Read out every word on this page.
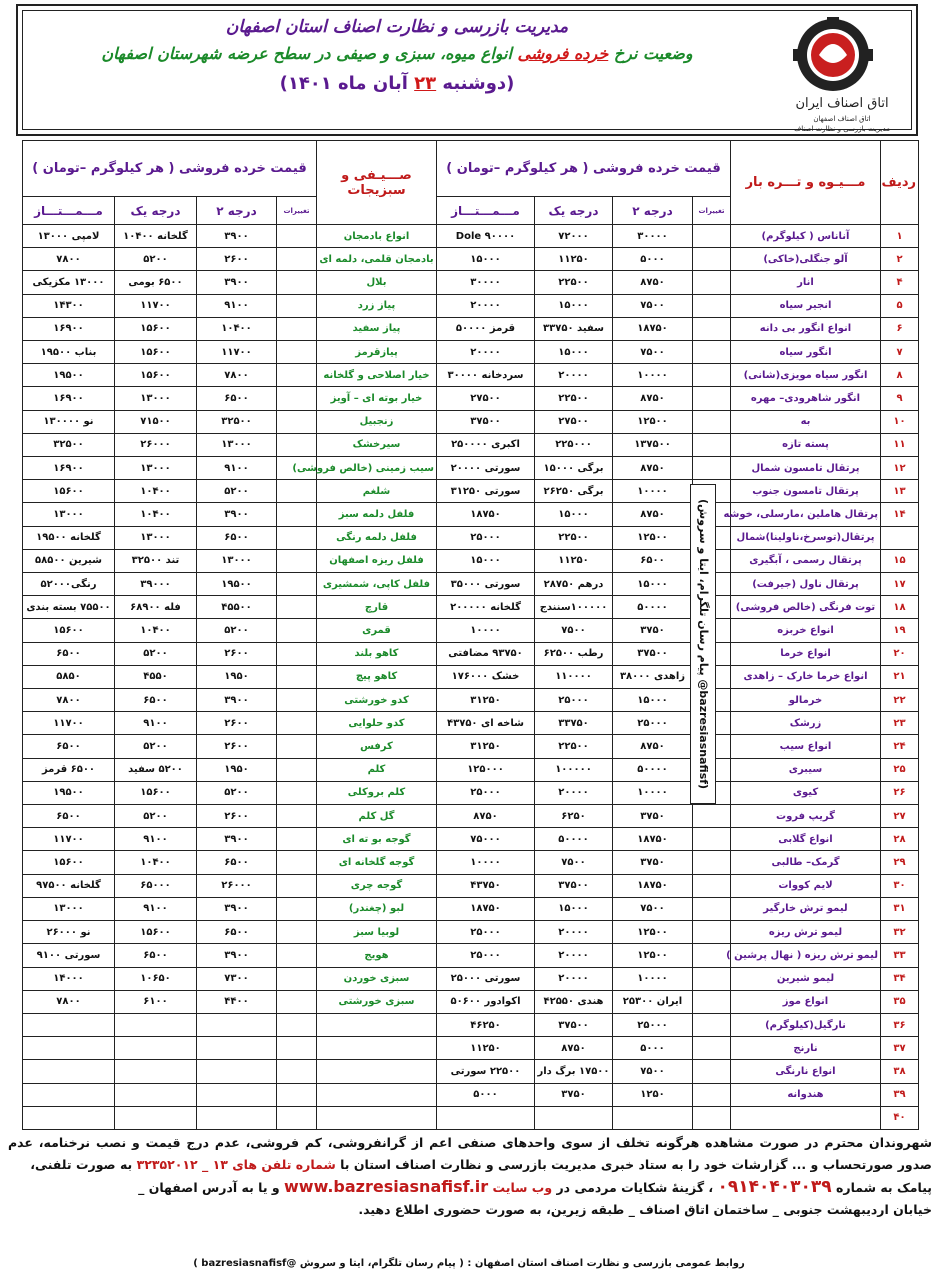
اتاق اصناف ایران
اتاق اصناف اصفهان
مدیریت بازرسی و نظارت اصناف
مدیریت بازرسی و نظارت اصناف استان اصفهان
وضعیت نرخ خرده فروشی انواع میوه، سبزی و صیفی در سطح عرضه شهرستان اصفهان
(دوشنبه ۲۳ آبان ماه ۱۴۰۱)
ردیف	مـــیـوه و تـــره بار	قیمت خرده فروشی ( هر کیلوگرم –تومان )				صـــیـفی و سبزیجات	قیمت خرده فروشی ( هر کیلوگرم –تومان )			
		تغییرات	درجه ۲	درجه یک	مـــمـــتـــاز		تغییرات	درجه ۲	درجه یک	مـــمـــتـــاز
۱	آناناس ( کیلوگرم)		۳۰۰۰۰	۷۲۰۰۰	Dole ۹۰۰۰۰	انواع بادمجان		۳۹۰۰	گلخانه ۱۰۴۰۰	لامپی ۱۳۰۰۰
۲	آلو جنگلی(خاکی)		۵۰۰۰	۱۱۲۵۰	۱۵۰۰۰	بادمجان قلمی، دلمه ای		۲۶۰۰	۵۲۰۰	۷۸۰۰
۴	انار		۸۷۵۰	۲۲۵۰۰	۳۰۰۰۰	بلال		۳۹۰۰	۶۵۰۰ بومی	۱۳۰۰۰ مکزیکی
۵	انجیر سیاه		۷۵۰۰	۱۵۰۰۰	۲۰۰۰۰	پیاز زرد		۹۱۰۰	۱۱۷۰۰	۱۴۳۰۰
۶	انواع انگور بی دانه		۱۸۷۵۰	سفید ۳۳۷۵۰	قرمز ۵۰۰۰۰	پیاز سفید		۱۰۴۰۰	۱۵۶۰۰	۱۶۹۰۰
۷	انگور سیاه		۷۵۰۰	۱۵۰۰۰	۲۰۰۰۰	پیازقرمز		۱۱۷۰۰	۱۵۶۰۰	بناب ۱۹۵۰۰
۸	انگور سیاه مویزی(شانی)		۱۰۰۰۰	۲۰۰۰۰	سردخانه ۳۰۰۰۰	خیار اصلاحی و گلخانه		۷۸۰۰	۱۵۶۰۰	۱۹۵۰۰
۹	انگور شاهرودی– مهره		۸۷۵۰	۲۲۵۰۰	۲۷۵۰۰	خیار بوته ای – آویز		۶۵۰۰	۱۳۰۰۰	۱۶۹۰۰
۱۰	به		۱۲۵۰۰	۲۷۵۰۰	۳۷۵۰۰	زنجبیل		۳۲۵۰۰	۷۱۵۰۰	نو ۱۳۰۰۰۰
۱۱	پسته تازه		۱۳۷۵۰۰	۲۲۵۰۰۰	اکبری ۲۵۰۰۰۰	سیرخشک		۱۳۰۰۰	۲۶۰۰۰	۳۲۵۰۰
۱۲	پرتقال تامسون شمال		۸۷۵۰	برگی ۱۵۰۰۰	سورتی ۲۰۰۰۰	سیب زمینی (خالص فروشی)		۹۱۰۰	۱۳۰۰۰	۱۶۹۰۰
۱۳	پرتقال تامسون جنوب		۱۰۰۰۰	برگی ۲۶۲۵۰	سورتی ۳۱۲۵۰	شلغم		۵۲۰۰	۱۰۴۰۰	۱۵۶۰۰
۱۴	پرتقال هاملین ،مارسلی، خوشه		۸۷۵۰	۱۵۰۰۰	۱۸۷۵۰	فلفل دلمه سبز		۳۹۰۰	۱۰۴۰۰	۱۳۰۰۰
	پرتقال(توسرخ،ناولینا)شمال		۱۲۵۰۰	۲۲۵۰۰	۲۵۰۰۰	فلفل دلمه رنگی		۶۵۰۰	۱۳۰۰۰	گلخانه ۱۹۵۰۰
۱۵	پرتقال رسمی ، آبگیری		۶۵۰۰	۱۱۲۵۰	۱۵۰۰۰	فلفل ریزه اصفهان		۱۳۰۰۰	تند ۳۲۵۰۰	شیرین ۵۸۵۰۰
۱۷	پرتقال ناول (جیرفت)		۱۵۰۰۰	درهم ۲۸۷۵۰	سورتی ۳۵۰۰۰	فلفل کاپی، شمشیری		۱۹۵۰۰	۳۹۰۰۰	رنگی۵۲۰۰۰
۱۸	توت فرنگی (خالص فروشی)		۵۰۰۰۰	۱۰۰۰۰۰سنندج	گلخانه ۲۰۰۰۰۰	قارچ		۴۵۵۰۰	فله ۶۸۹۰۰	۷۵۵۰۰ بسته بندی
۱۹	انواع خربزه		۳۷۵۰	۷۵۰۰	۱۰۰۰۰	قمری		۵۲۰۰	۱۰۴۰۰	۱۵۶۰۰
۲۰	انواع خرما		۳۷۵۰۰	رطب ۶۲۵۰۰	۹۳۷۵۰ مضافتی	کاهو بلند		۲۶۰۰	۵۲۰۰	۶۵۰۰
۲۱	انواع خرما خارک – زاهدی		زاهدی ۳۸۰۰۰	۱۱۰۰۰۰	خشک ۱۷۶۰۰۰	کاهو پیچ		۱۹۵۰	۴۵۵۰	۵۸۵۰
۲۲	خرمالو		۱۵۰۰۰	۲۵۰۰۰	۳۱۲۵۰	کدو خورشتی		۳۹۰۰	۶۵۰۰	۷۸۰۰
۲۳	زرشک		۲۵۰۰۰	۳۳۷۵۰	شاخه ای ۴۳۷۵۰	کدو حلوایی		۲۶۰۰	۹۱۰۰	۱۱۷۰۰
۲۴	انواع سیب		۸۷۵۰	۲۲۵۰۰	۳۱۲۵۰	کرفس		۲۶۰۰	۵۲۰۰	۶۵۰۰
۲۵	سیبری		۵۰۰۰۰	۱۰۰۰۰۰	۱۲۵۰۰۰	کلم		۱۹۵۰	۵۲۰۰ سفید	۶۵۰۰ قرمز
۲۶	کیوی		۱۰۰۰۰	۲۰۰۰۰	۲۵۰۰۰	کلم بروکلی		۵۲۰۰	۱۵۶۰۰	۱۹۵۰۰
۲۷	گریپ فروت		۳۷۵۰	۶۲۵۰	۸۷۵۰	گل کلم		۲۶۰۰	۵۲۰۰	۶۵۰۰
۲۸	انواع گلابی		۱۸۷۵۰	۵۰۰۰۰	۷۵۰۰۰	گوجه بو ته ای		۳۹۰۰	۹۱۰۰	۱۱۷۰۰
۲۹	گرمک– طالبی		۳۷۵۰	۷۵۰۰	۱۰۰۰۰	گوجه گلخانه ای		۶۵۰۰	۱۰۴۰۰	۱۵۶۰۰
۳۰	لایم کووات		۱۸۷۵۰	۳۷۵۰۰	۴۳۷۵۰	گوجه چری		۲۶۰۰۰	۶۵۰۰۰	گلخانه ۹۷۵۰۰
۳۱	لیمو ترش خارگیر		۷۵۰۰	۱۵۰۰۰	۱۸۷۵۰	لبو (چغندر)		۳۹۰۰	۹۱۰۰	۱۳۰۰۰
۳۲	لیمو ترش ریزه		۱۲۵۰۰	۲۰۰۰۰	۲۵۰۰۰	لوبیا سبز		۶۵۰۰	۱۵۶۰۰	نو ۲۶۰۰۰
۳۳	لیمو ترش ریزه ( نهال پرشین )		۱۲۵۰۰	۲۰۰۰۰	۲۵۰۰۰	هویج		۳۹۰۰	۶۵۰۰	سورتی ۹۱۰۰
۳۴	لیمو شیرین		۱۰۰۰۰	۲۰۰۰۰	سورتی ۲۵۰۰۰	سبزی خوردن		۷۳۰۰	۱۰۶۵۰	۱۴۰۰۰
۳۵	انواع موز		ایران ۲۵۳۰۰	هندی ۴۲۵۵۰	اکوادور ۵۰۶۰۰	سبزی خورشتی		۴۴۰۰	۶۱۰۰	۷۸۰۰
۳۶	نارگیل(کیلوگرم)		۲۵۰۰۰	۳۷۵۰۰	۴۶۲۵۰					
۳۷	نارنج		۵۰۰۰	۸۷۵۰	۱۱۲۵۰					
۳۸	انواع نارنگی		۷۵۰۰	۱۷۵۰۰ برگ دار	۲۲۵۰۰ سورتی					
۳۹	هندوانه		۱۲۵۰	۳۷۵۰	۵۰۰۰					
۴۰										
(پیام رسان تلگرام، ایتا و سروش @bazresiasnafisf)
شهروندان محترم در صورت مشاهده هرگونه تخلف از سوی واحدهای صنفی اعم از گرانفروشی، کم فروشی، عدم درج قیمت و نصب نرخنامه، عدم صدور صورتحساب و ... گزارشات خود را به ستاد خبری مدیریت بازرسی و نظارت اصناف استان با شماره تلفن های ۱۳ _ ۳۲۳۵۲۰۱۲ به صورت تلفنی،
پیامک به شماره ۰۹۱۴۰۴۰۳۰۳۹ ، گزینهٔ شکایات مردمی در وب سایت www.bazresiasnafisf.ir و یا به آدرس اصفهان _
خیابان اردیبهشت جنوبی _ ساختمان اتاق اصناف _ طبقه زیرین، به صورت حضوری اطلاع دهید.
روابط عمومی بازرسی و نظارت اصناف استان اصفهان : ( پیام رسان تلگرام، ایتا و سروش @bazresiasnafisf )
